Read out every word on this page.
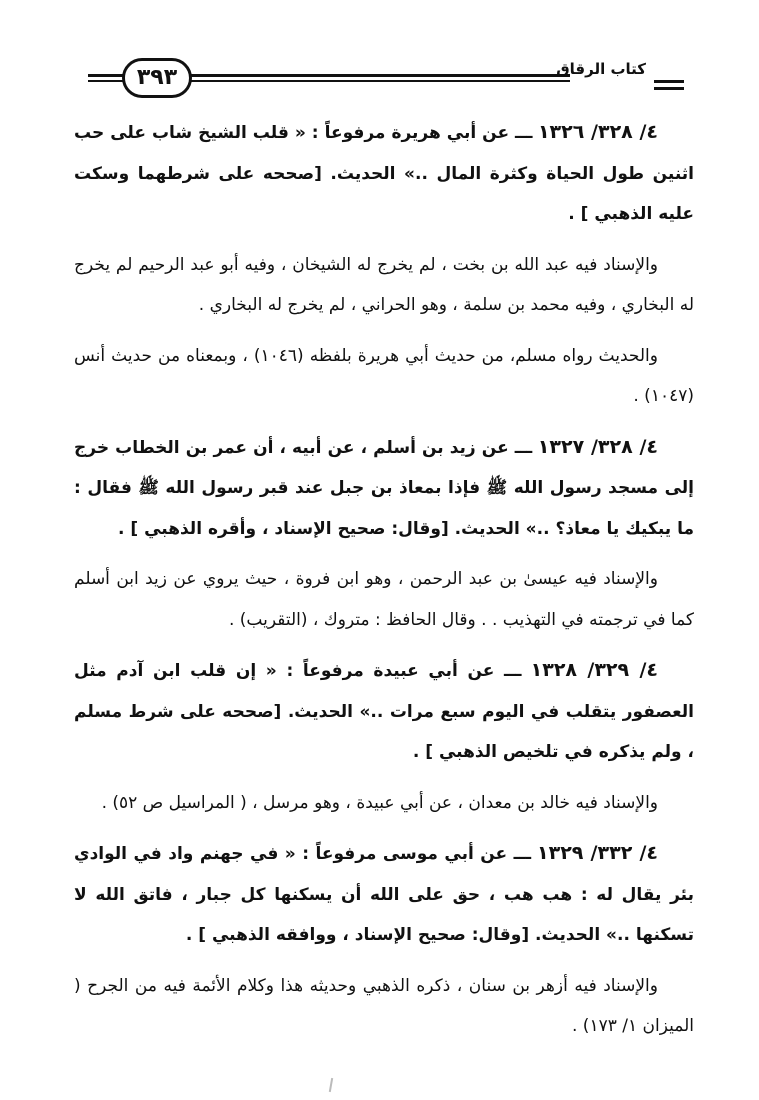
٣٩٣	كتاب الرقاق

٤/ ٣٢٨/ ١٣٢٦ ـــ عن أبي هريرة مرفوعاً : « قلب الشيخ شاب على حب اثنين طول الحياة وكثرة المال ..» الحديث. [صححه على شرطهما وسكت عليه الذهبي ] .

والإسناد فيه عبد الله بن بخت ، لم يخرج له الشيخان ، وفيه أبو عبد الرحيم لم يخرج له البخاري ، وفيه محمد بن سلمة ، وهو الحراني ، لم يخرج له البخاري .

والحديث رواه مسلم، من حديث أبي هريرة بلفظه (١٠٤٦) ، وبمعناه من حديث أنس (١٠٤٧) .

٤/ ٣٢٨/ ١٣٢٧ ـــ عن زيد بن أسلم ، عن أبيه ، أن عمر بن الخطاب خرج إلى مسجد رسول الله ﷺ فإذا بمعاذ بن جبل عند قبر رسول الله ﷺ فقال : ما يبكيك يا معاذ؟ ..» الحديث. [وقال: صحيح الإسناد ، وأقره الذهبي ] .

والإسناد فيه عيسىٰ بن عبد الرحمن ، وهو ابن فروة ، حيث يروي عن زيد ابن أسلم كما في ترجمته في التهذيب . . وقال الحافظ : متروك ، (التقريب) .

٤/ ٣٢٩/ ١٣٢٨ ـــ عن أبي عبيدة مرفوعاً : « إن قلب ابن آدم مثل العصفور يتقلب في اليوم سبع مرات ..» الحديث. [صححه على شرط مسلم ، ولم يذكره في تلخيص الذهبي ] .

والإسناد فيه خالد بن معدان ، عن أبي عبيدة ، وهو مرسل ، ( المراسيل ص ٥٢) .

٤/ ٣٣٢/ ١٣٢٩ ـــ عن أبي موسى مرفوعاً : « في جهنم واد في الوادي بئر يقال له : هب هب ، حق على الله أن يسكنها كل جبار ، فاتق الله لا تسكنها ..» الحديث. [وقال: صحيح الإسناد ، ووافقه الذهبي ] .

والإسناد فيه أزهر بن سنان ، ذكره الذهبي وحديثه هذا وكلام الأئمة فيه من الجرح ( الميزان ١/ ١٧٣) .
